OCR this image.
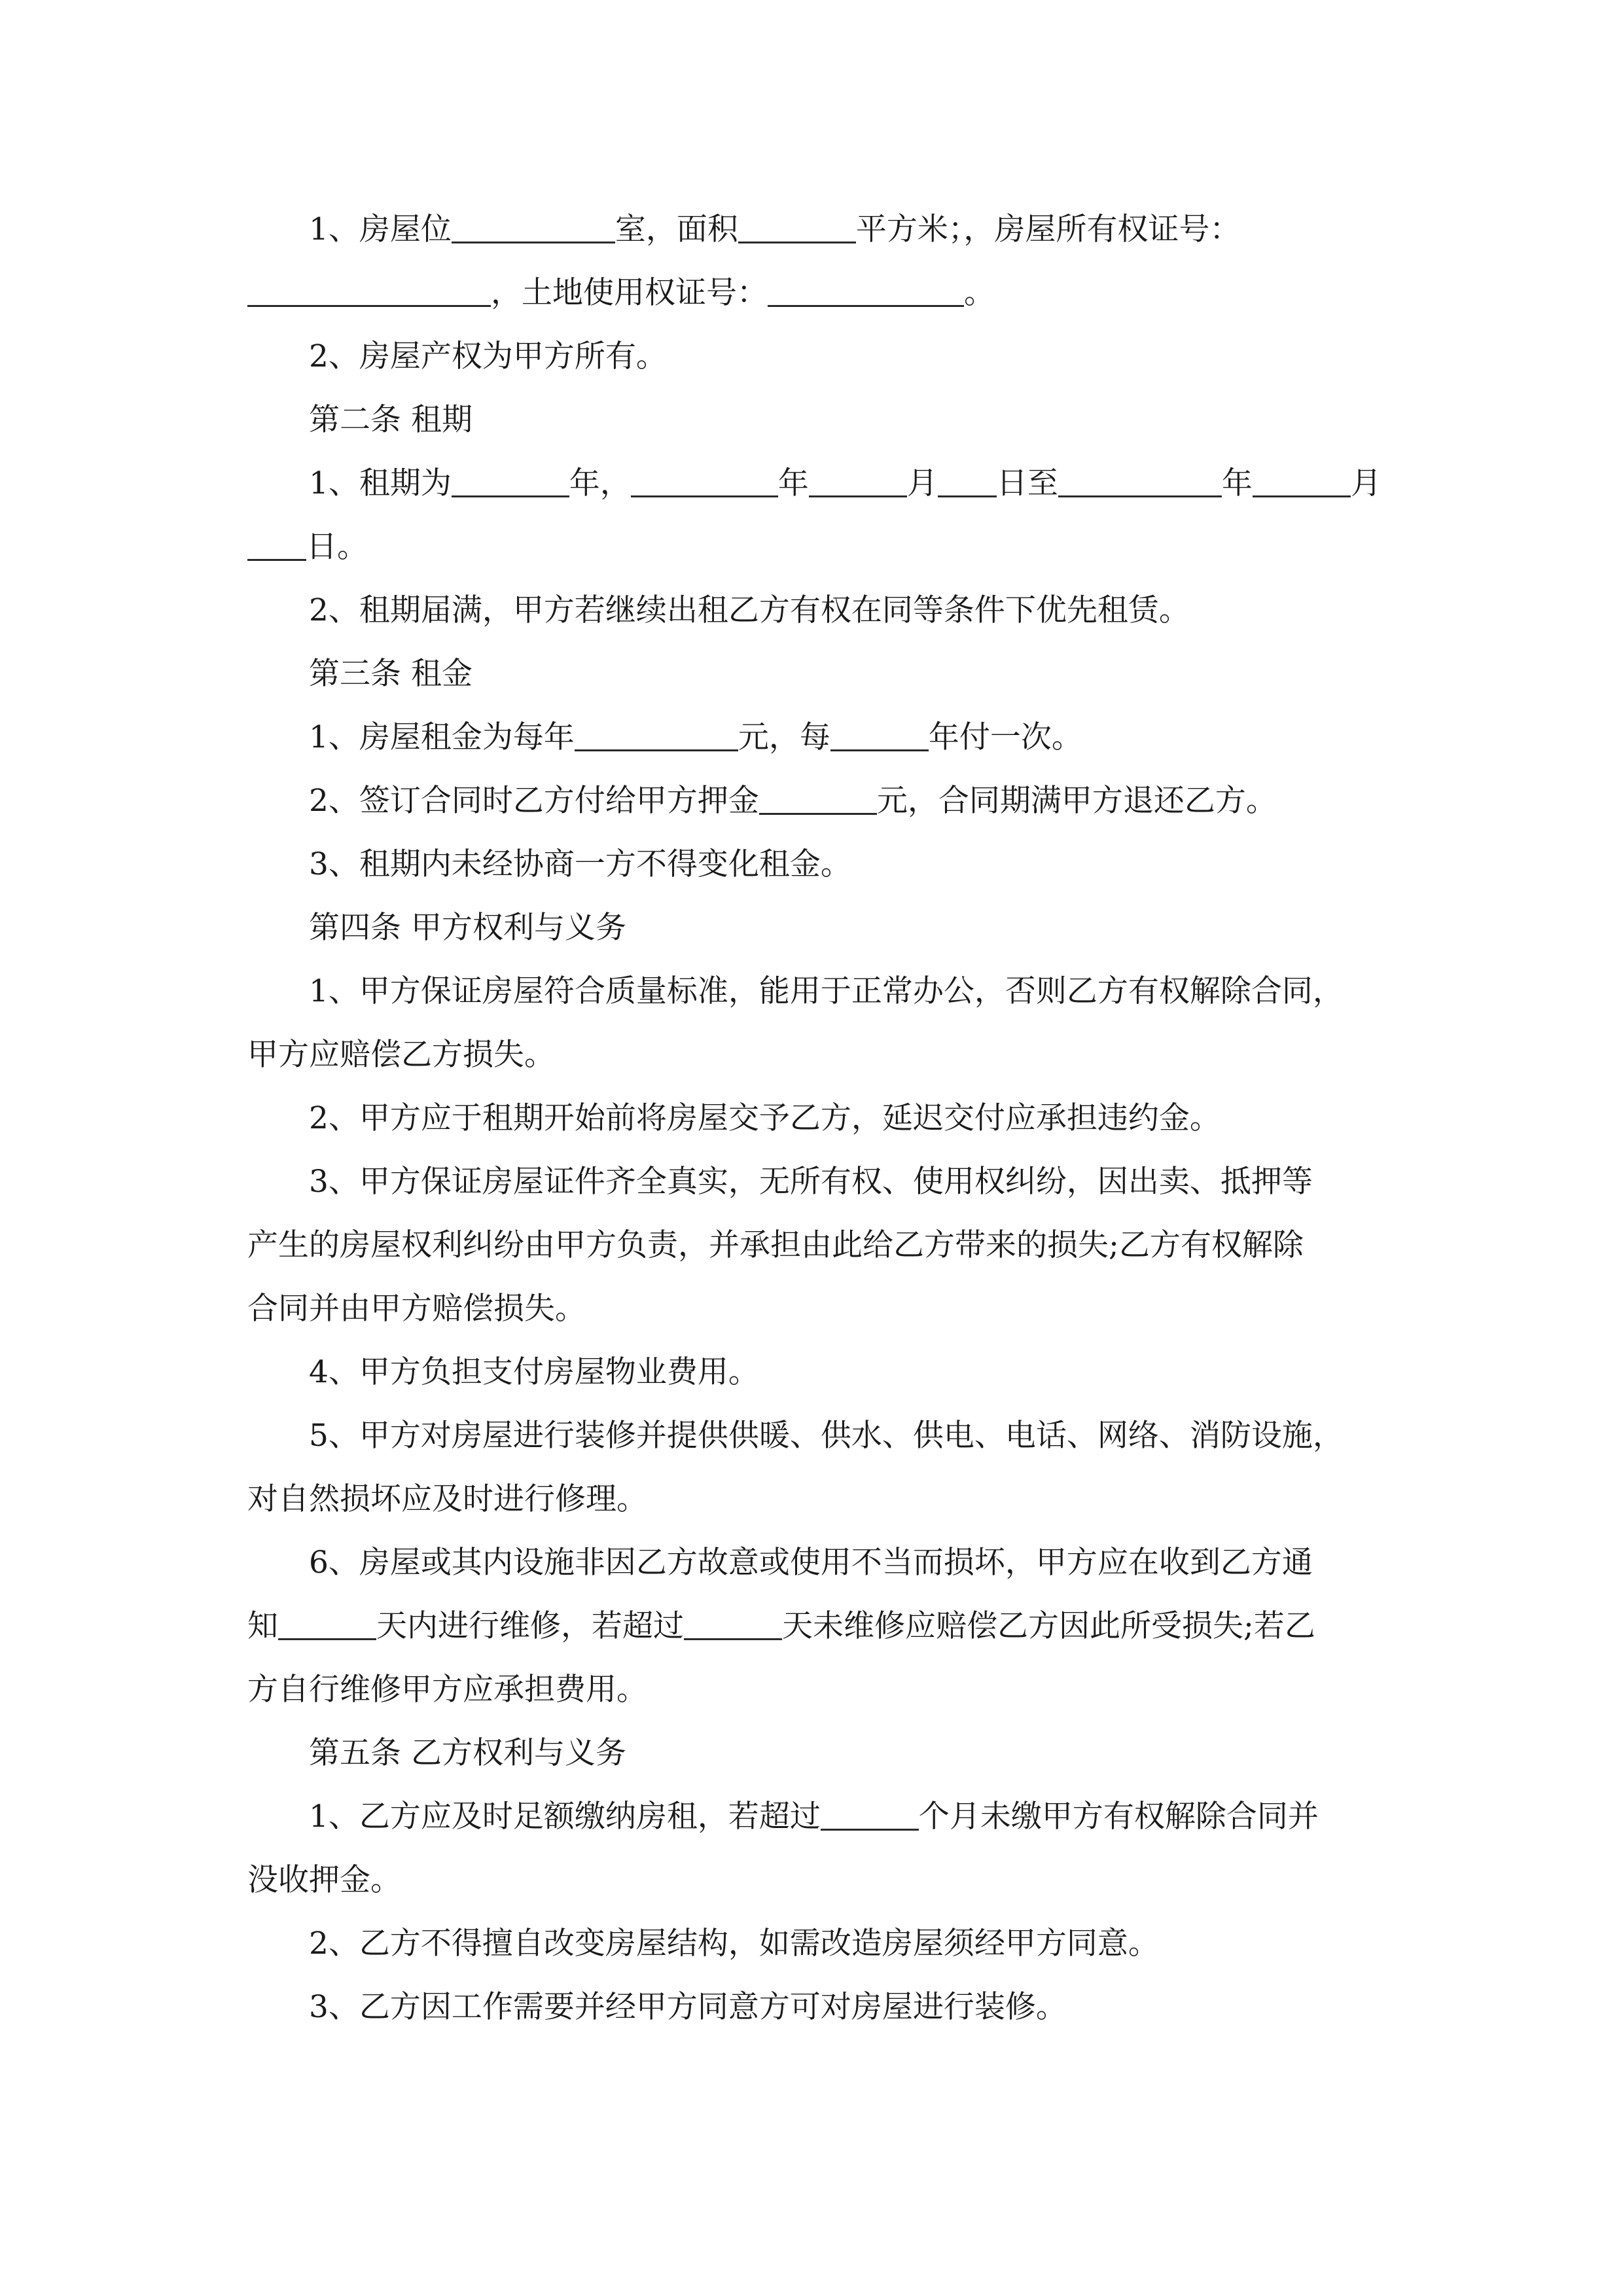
1、房屋位	室，面积	平方米；，房屋所有权证号：
，土地使用权证号：	。
2、房屋产权为甲方所有。
第二条 租期
1、租期为	年，	年	月 日至	年	月
日。
2、租期届满，甲方若继续出租乙方有权在同等条件下优先租赁。
第三条 租金
1、房屋租金为每年	元，每	年付一次。
2、签订合同时乙方付给甲方押金	元，合同期满甲方退还乙方。
3、租期内未经协商一方不得变化租金。
第四条 甲方权利与义务
1、甲方保证房屋符合质量标准，能用于正常办公，否则乙方有权解除合同，
甲方应赔偿乙方损失。
2、甲方应于租期开始前将房屋交予乙方，延迟交付应承担违约金。
3、甲方保证房屋证件齐全真实，无所有权、使用权纠纷，因出卖、抵押等
产生的房屋权利纠纷由甲方负责，并承担由此给乙方带来的损失;乙方有权解除
合同并由甲方赔偿损失。
4、甲方负担支付房屋物业费用。
5、甲方对房屋进行装修并提供供暖、供水、供电、电话、网络、消防设施，
对自然损坏应及时进行修理。
6、房屋或其内设施非因乙方故意或使用不当而损坏，甲方应在收到乙方通
知	天内进行维修，若超过	天未维修应赔偿乙方因此所受损失;若乙
方自行维修甲方应承担费用。
第五条 乙方权利与义务
1、乙方应及时足额缴纳房租，若超过	个月未缴甲方有权解除合同并
没收押金。
2、乙方不得擅自改变房屋结构，如需改造房屋须经甲方同意。
3、乙方因工作需要并经甲方同意方可对房屋进行装修。
